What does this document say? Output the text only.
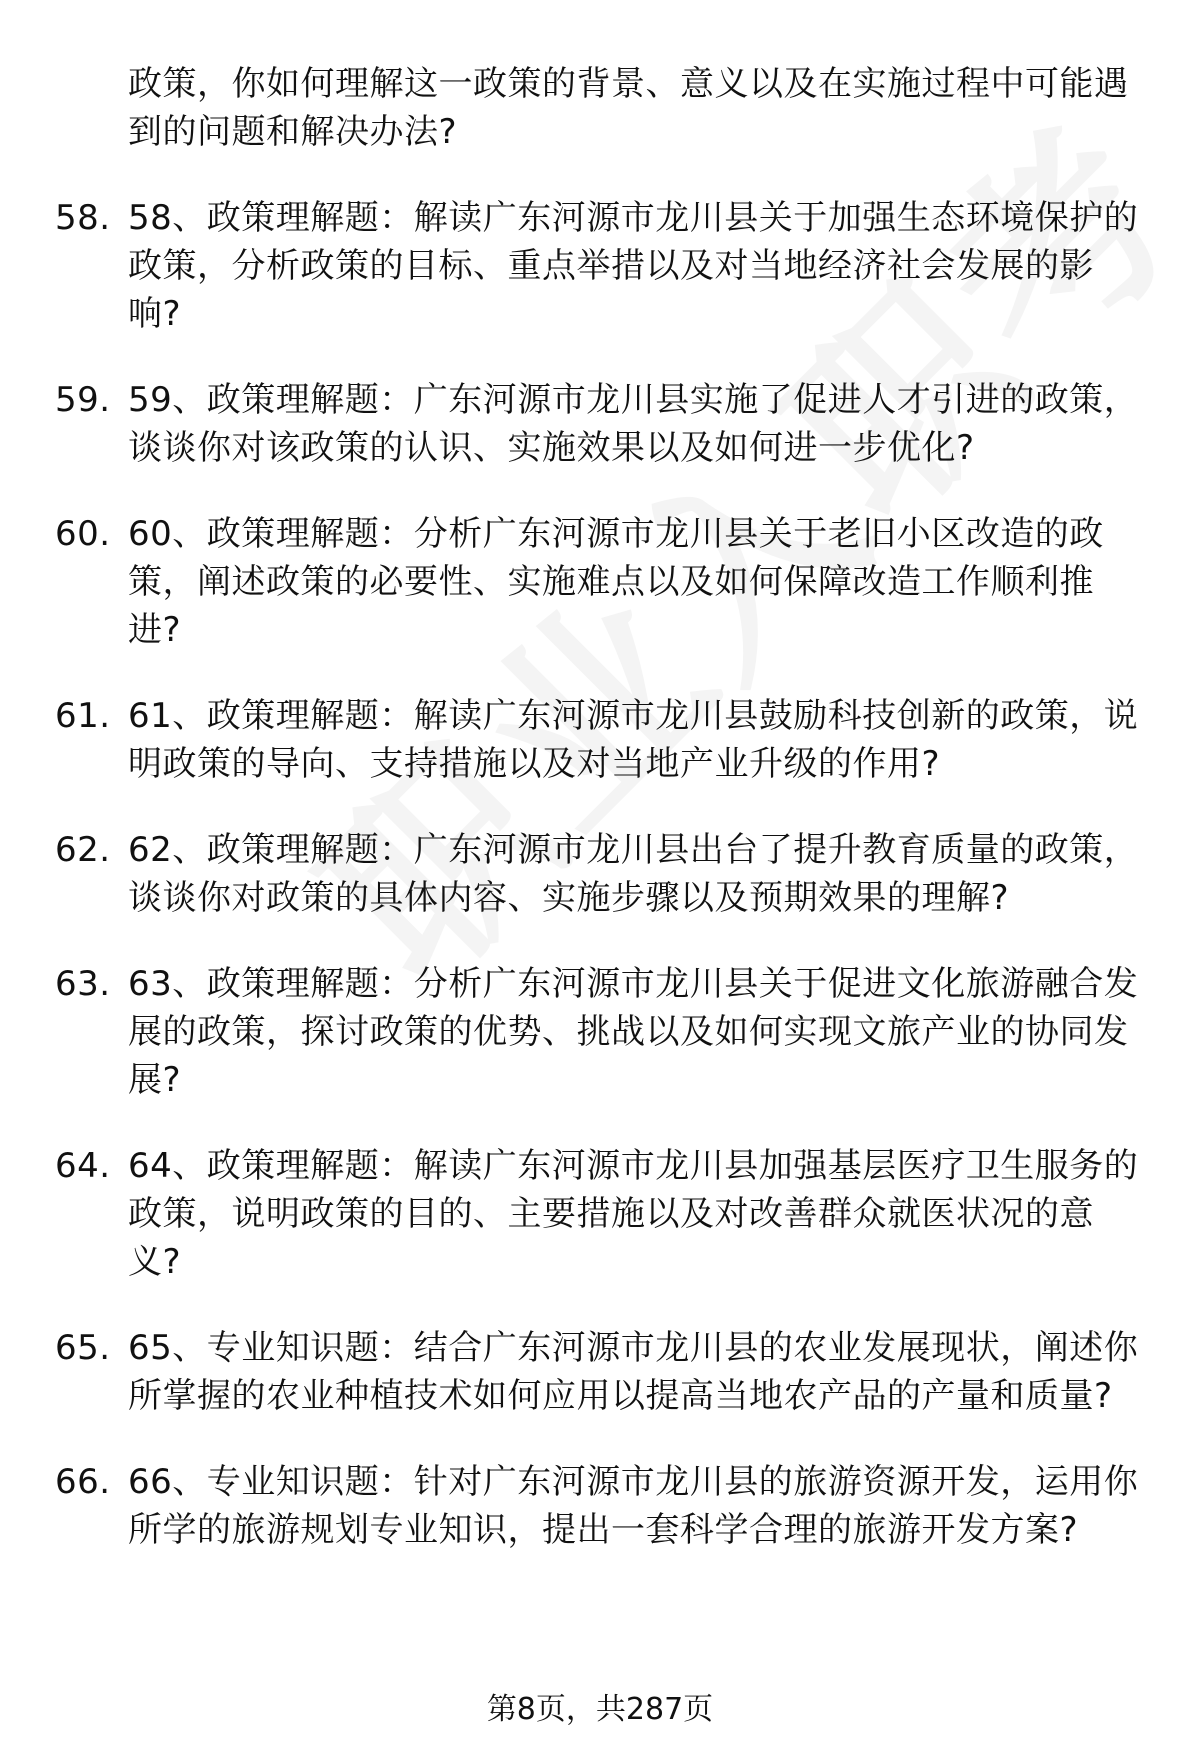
政策，你如何理解这一政策的背景、意义以及在实施过程中可能遇到的问题和解决办法?

58. 58、政策理解题：解读广东河源市龙川县关于加强生态环境保护的政策，分析政策的目标、重点举措以及对当地经济社会发展的影响?

59. 59、政策理解题：广东河源市龙川县实施了促进人才引进的政策，谈谈你对该政策的认识、实施效果以及如何进一步优化?

60. 60、政策理解题：分析广东河源市龙川县关于老旧小区改造的政策，阐述政策的必要性、实施难点以及如何保障改造工作顺利推进?

61. 61、政策理解题：解读广东河源市龙川县鼓励科技创新的政策，说明政策的导向、支持措施以及对当地产业升级的作用?

62. 62、政策理解题：广东河源市龙川县出台了提升教育质量的政策，谈谈你对政策的具体内容、实施步骤以及预期效果的理解?

63. 63、政策理解题：分析广东河源市龙川县关于促进文化旅游融合发展的政策，探讨政策的优势、挑战以及如何实现文旅产业的协同发展?

64. 64、政策理解题：解读广东河源市龙川县加强基层医疗卫生服务的政策，说明政策的目的、主要措施以及对改善群众就医状况的意义?

65. 65、专业知识题：结合广东河源市龙川县的农业发展现状，阐述你所掌握的农业种植技术如何应用以提高当地农产品的产量和质量?

66. 66、专业知识题：针对广东河源市龙川县的旅游资源开发，运用你所学的旅游规划专业知识，提出一套科学合理的旅游开发方案?

第8页，共287页
